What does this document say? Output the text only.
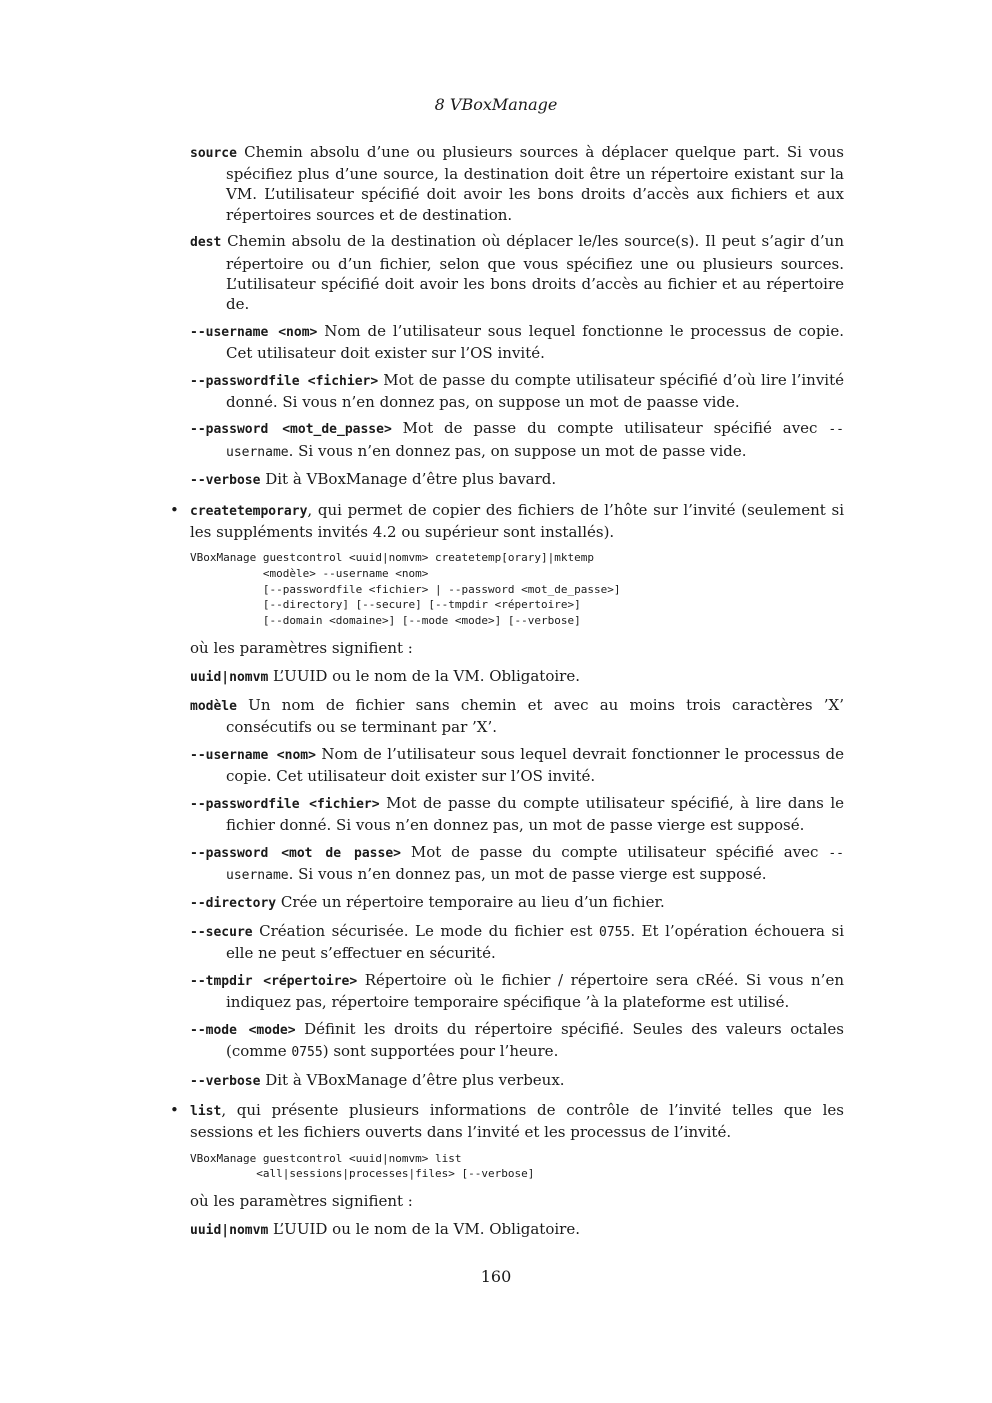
8 VBoxManage
source Chemin absolu d’une ou plusieurs sources à déplacer quelque part. Si vous spécifiez plus d’une source, la destination doit être un répertoire existant sur la VM. L’utilisateur spécifié doit avoir les bons droits d’accès aux fichiers et aux répertoires sources et de destination.
dest Chemin absolu de la destination où déplacer le/les source(s). Il peut s’agir d’un répertoire ou d’un fichier, selon que vous spécifiez une ou plusieurs sources. L’utilisateur spécifié doit avoir les bons droits d’accès au fichier et au répertoire de.
--username <nom> Nom de l’utilisateur sous lequel fonctionne le processus de copie. Cet utilisateur doit exister sur l’OS invité.
--passwordfile <fichier> Mot de passe du compte utilisateur spécifié d’où lire l’invité donné. Si vous n’en donnez pas, on suppose un mot de paasse vide.
--password <mot_de_passe> Mot de passe du compte utilisateur spécifié avec --username. Si vous n’en donnez pas, on suppose un mot de passe vide.
--verbose Dit à VBoxManage d’être plus bavard.
• createtemporary, qui permet de copier des fichiers de l’hôte sur l’invité (seulement si les suppléments invités 4.2 ou supérieur sont installés).
VBoxManage guestcontrol <uuid|nomvm> createtemp[orary]|mktemp
<modèle> --username <nom>
[--passwordfile <fichier> | --password <mot_de_passe>]
[--directory] [--secure] [--tmpdir <répertoire>]
[--domain <domaine>] [--mode <mode>] [--verbose]
où les paramètres signifient :
uuid|nomvm L’UUID ou le nom de la VM. Obligatoire.
modèle Un nom de fichier sans chemin et avec au moins trois caractères ’X’ consécutifs ou se terminant par ’X’.
--username <nom> Nom de l’utilisateur sous lequel devrait fonctionner le processus de copie. Cet utilisateur doit exister sur l’OS invité.
--passwordfile <fichier> Mot de passe du compte utilisateur spécifié, à lire dans le fichier donné. Si vous n’en donnez pas, un mot de passe vierge est supposé.
--password <mot de passe> Mot de passe du compte utilisateur spécifié avec --username. Si vous n’en donnez pas, un mot de passe vierge est supposé.
--directory Crée un répertoire temporaire au lieu d’un fichier.
--secure Création sécurisée. Le mode du fichier est 0755. Et l’opération échouera si elle ne peut s’effectuer en sécurité.
--tmpdir <répertoire> Répertoire où le fichier / répertoire sera cRéé. Si vous n’en indiquez pas, répertoire temporaire spécifique ’à la plateforme est utilisé.
--mode <mode> Définit les droits du répertoire spécifié. Seules des valeurs octales (comme 0755) sont supportées pour l’heure.
--verbose Dit à VBoxManage d’être plus verbeux.
• list, qui présente plusieurs informations de contrôle de l’invité telles que les sessions et les fichiers ouverts dans l’invité et les processus de l’invité.
VBoxManage guestcontrol <uuid|nomvm> list
<all|sessions|processes|files> [--verbose]
où les paramètres signifient :
uuid|nomvm L’UUID ou le nom de la VM. Obligatoire.
160
